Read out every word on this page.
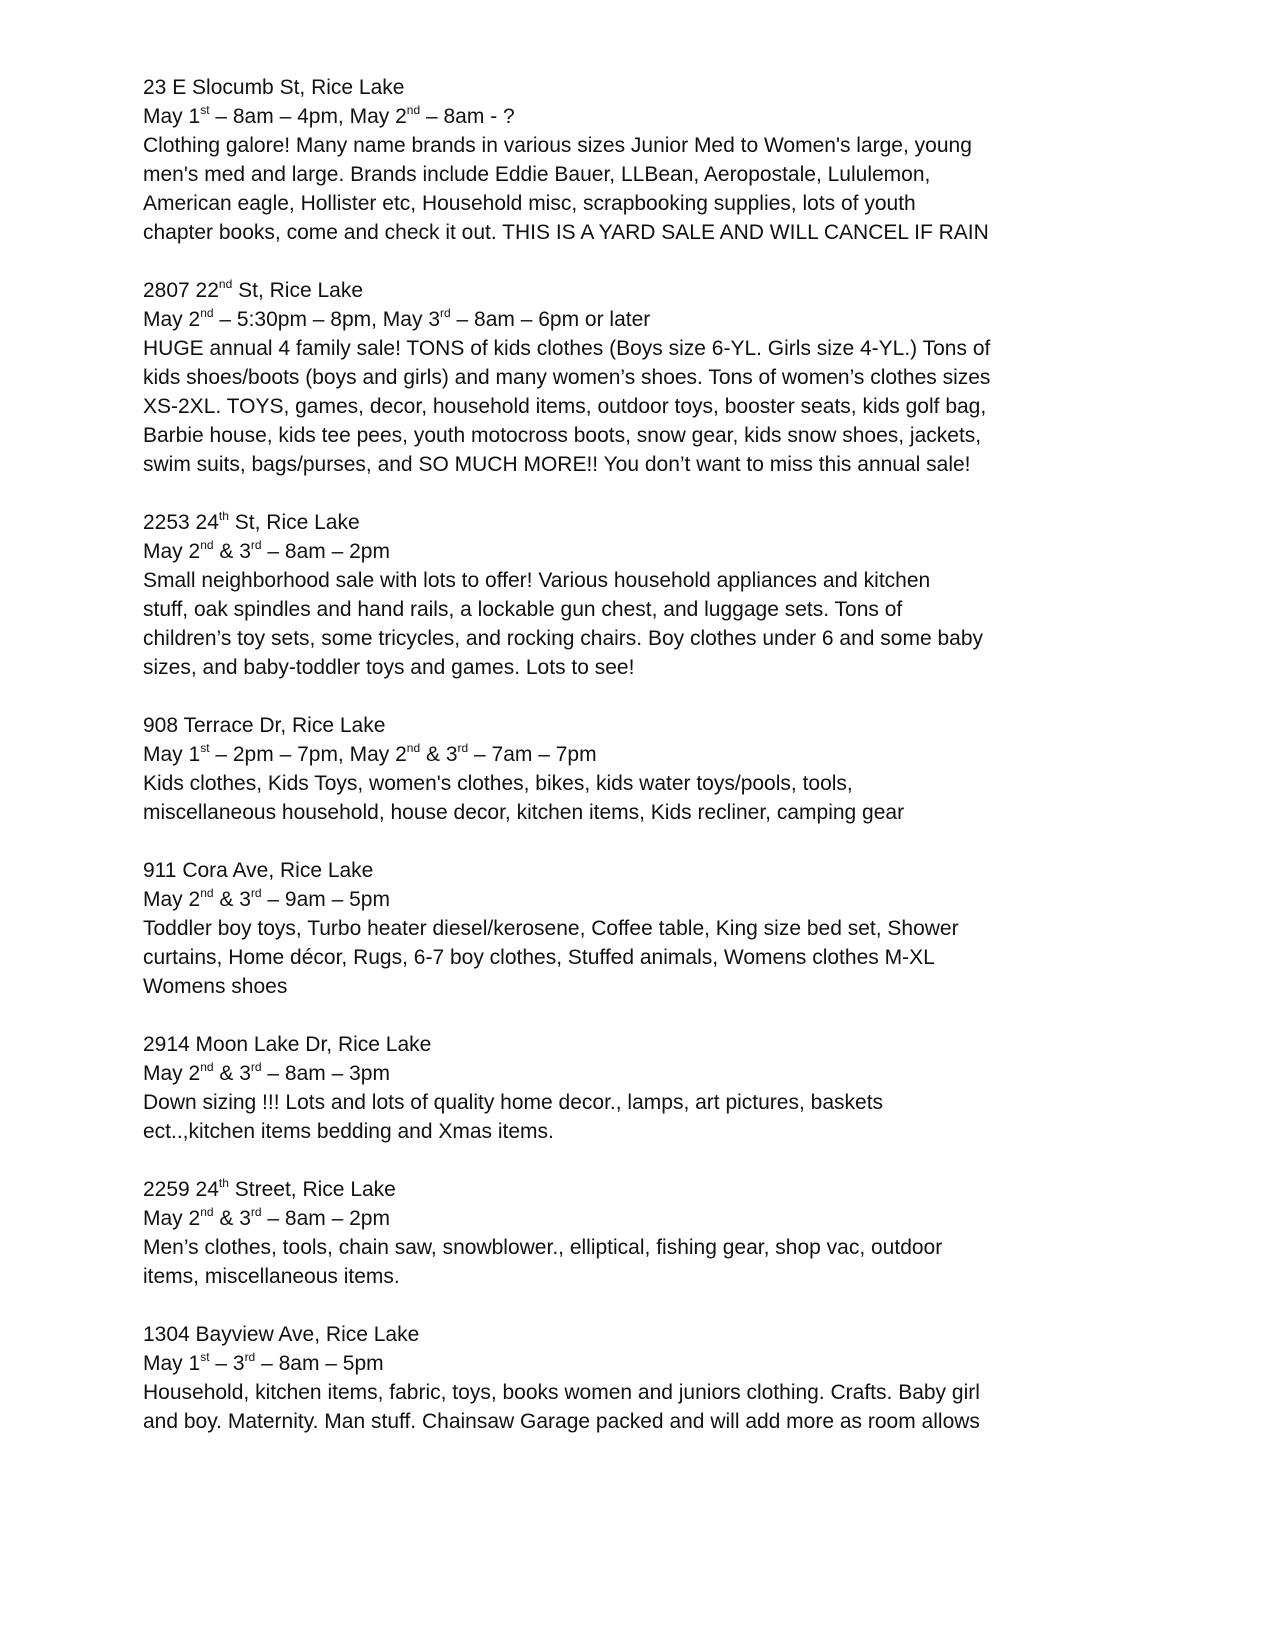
23 E Slocumb St, Rice Lake
May 1st – 8am – 4pm, May 2nd – 8am - ?
Clothing galore! Many name brands in various sizes Junior Med to Women's large, young
men's med and large. Brands include Eddie Bauer, LLBean, Aeropostale, Lululemon,
American eagle, Hollister etc, Household misc, scrapbooking supplies, lots of youth
chapter books, come and check it out. THIS IS A YARD SALE AND WILL CANCEL IF RAIN
2807 22nd St, Rice Lake
May 2nd – 5:30pm – 8pm, May 3rd – 8am – 6pm or later
HUGE annual 4 family sale! TONS of kids clothes (Boys size 6-YL. Girls size 4-YL.) Tons of
kids shoes/boots (boys and girls) and many women’s shoes. Tons of women’s clothes sizes
XS-2XL. TOYS, games, decor, household items, outdoor toys, booster seats, kids golf bag,
Barbie house, kids tee pees, youth motocross boots, snow gear, kids snow shoes, jackets,
swim suits, bags/purses, and SO MUCH MORE!! You don’t want to miss this annual sale!
2253 24th St, Rice Lake
May 2nd & 3rd – 8am – 2pm
Small neighborhood sale with lots to offer! Various household appliances and kitchen
stuff, oak spindles and hand rails, a lockable gun chest, and luggage sets. Tons of
children’s toy sets, some tricycles, and rocking chairs. Boy clothes under 6 and some baby
sizes, and baby-toddler toys and games. Lots to see!
908 Terrace Dr, Rice Lake
May 1st – 2pm – 7pm, May 2nd & 3rd – 7am – 7pm
Kids clothes, Kids Toys, women's clothes, bikes, kids water toys/pools, tools,
miscellaneous household, house decor, kitchen items, Kids recliner, camping gear
911 Cora Ave, Rice Lake
May 2nd & 3rd – 9am – 5pm
Toddler boy toys, Turbo heater diesel/kerosene, Coffee table, King size bed set, Shower
curtains, Home décor, Rugs, 6-7 boy clothes, Stuffed animals, Womens clothes M-XL
Womens shoes
2914 Moon Lake Dr, Rice Lake
May 2nd & 3rd – 8am – 3pm
Down sizing !!! Lots and lots of quality home decor., lamps, art pictures, baskets
ect..,kitchen items bedding and Xmas items.
2259 24th Street, Rice Lake
May 2nd & 3rd – 8am – 2pm
Men’s clothes, tools, chain saw, snowblower., elliptical, fishing gear, shop vac, outdoor
items, miscellaneous items.
1304 Bayview Ave, Rice Lake
May 1st – 3rd – 8am – 5pm
Household, kitchen items, fabric, toys, books women and juniors clothing. Crafts. Baby girl
and boy. Maternity. Man stuff. Chainsaw Garage packed and will add more as room allows
